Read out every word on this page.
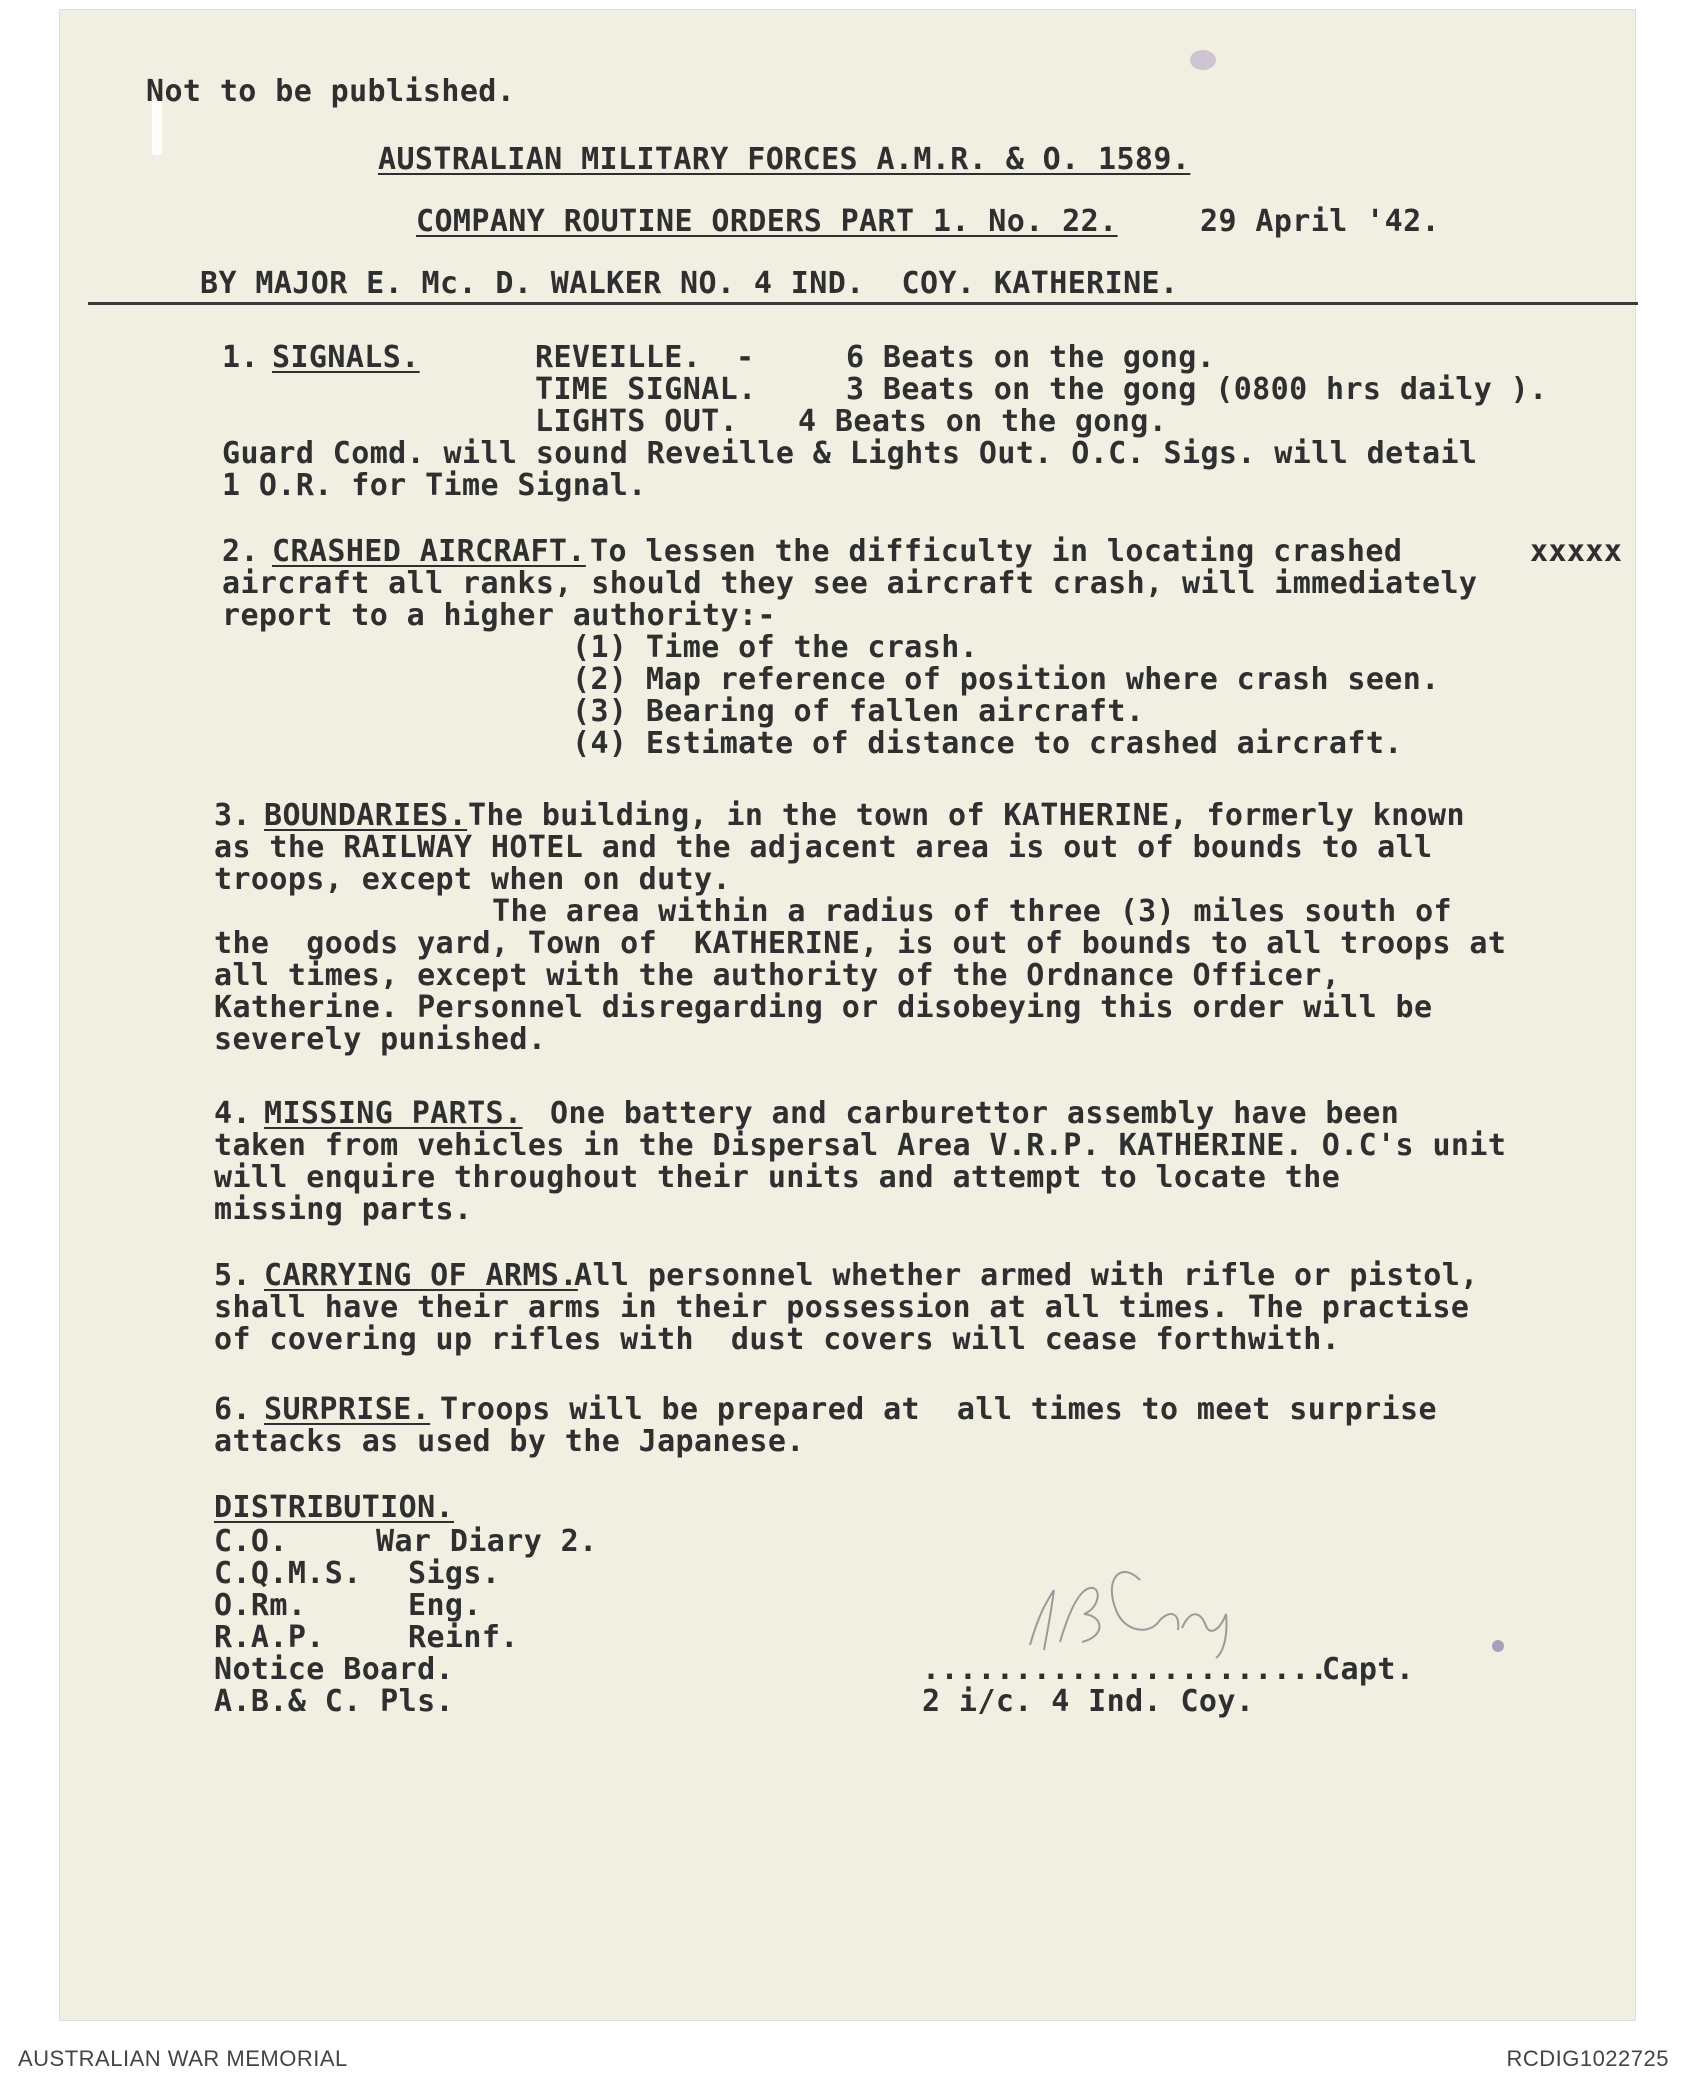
Not to be published.
AUSTRALIAN MILITARY FORCES A.M.R. & O. 1589.
COMPANY ROUTINE ORDERS PART 1. No. 22.	29 April '42.
BY MAJOR E. Mc. D. WALKER NO. 4 IND.  COY. KATHERINE.
1. SIGNALS.	REVEILLE. -	6 Beats on the gong.
TIME SIGNAL.	3 Beats on the gong (0800 hrs daily ).
LIGHTS OUT. 4 Beats on the gong.
Guard Comd. will sound Reveille & Lights Out. O.C. Sigs. will detail
1 O.R. for Time Signal.
2. CRASHED AIRCRAFT. To lessen the difficulty in locating crashed	xxxxx
aircraft all ranks, should they see aircraft crash, will immediately
report to a higher authority:-
(1) Time of the crash.
(2) Map reference of position where crash seen.
(3) Bearing of fallen aircraft.
(4) Estimate of distance to crashed aircraft.
3. BOUNDARIES. The building, in the town of KATHERINE, formerly known
as the RAILWAY HOTEL and the adjacent area is out of bounds to all
troops, except when on duty.
The area within a radius of three (3) miles south of
the  goods yard, Town of  KATHERINE, is out of bounds to all troops at
all times, except with the authority of the Ordnance Officer,
Katherine. Personnel disregarding or disobeying this order will be
severely punished.
4. MISSING PARTS. One battery and carburettor assembly have been
taken from vehicles in the Dispersal Area V.R.P. KATHERINE. O.C's unit
will enquire throughout their units and attempt to locate the
missing parts.
5. CARRYING OF ARMS.
All personnel whether armed with rifle or pistol,
shall have their arms in their possession at all times. The practise
of covering up rifles with  dust covers will cease forthwith.
6. SURPRISE. Troops will be prepared at  all times to meet surprise
attacks as used by the Japanese.
DISTRIBUTION.
C.O.	War Diary 2.
C.Q.M.S. Sigs.
O.Rm.	Eng.
R.A.P.	Reinf.
Notice Board.
A.B.& C. Pls.
......................
Capt.
2 i/c. 4 Ind. Coy.
AUSTRALIAN WAR MEMORIAL	RCDIG1022725
